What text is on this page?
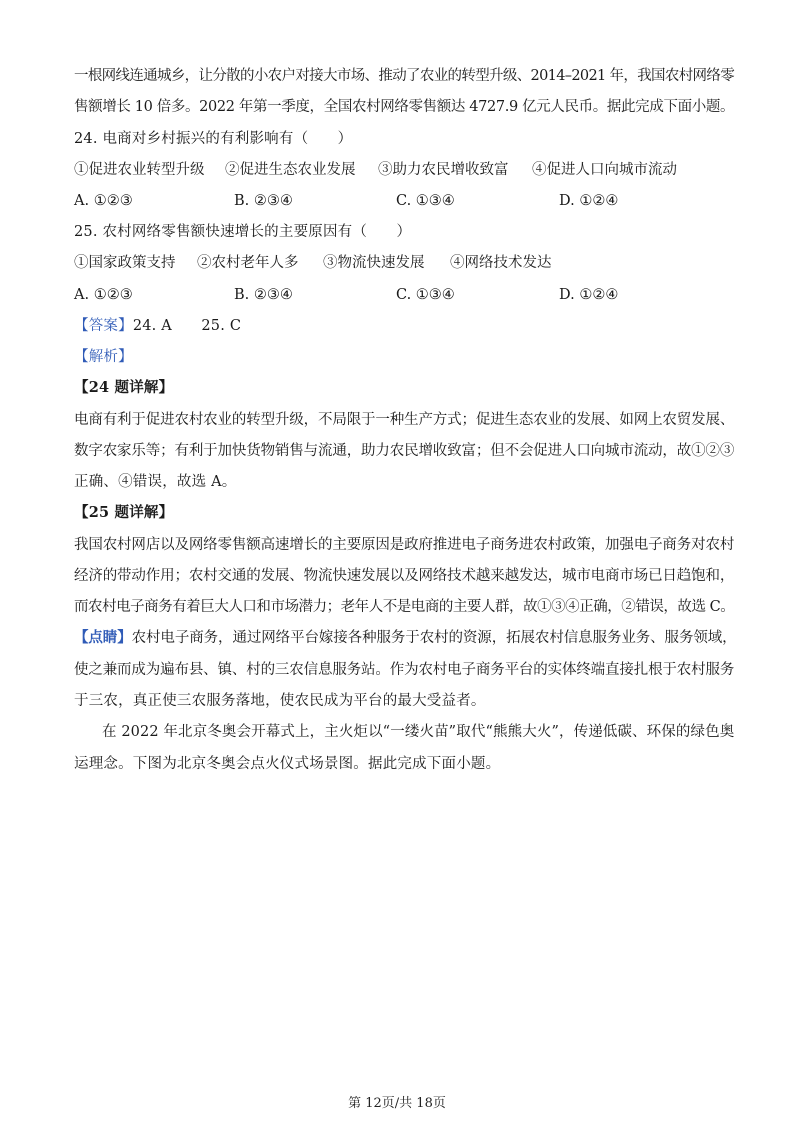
一根网线连通城乡，让分散的小农户对接大市场、推动了农业的转型升级、2014–2021 年，我国农村网络零
售额增长 10 倍多。2022 年第一季度，全国农村网络零售额达 4727.9 亿元人民币。据此完成下面小题。
24. 电商对乡村振兴的有利影响有（　　）
①促进农业转型升级 ②促进生态农业发展 ③助力农民增收致富 ④促进人口向城市流动
A. ①②③	B. ②③④	C. ①③④	D. ①②④
25. 农村网络零售额快速增长的主要原因有（　　）
①国家政策支持 ②农村老年人多 ③物流快速发展 ④网络技术发达
A. ①②③	B. ②③④	C. ①③④	D. ①②④
【答案】24. A　　25. C
【解析】
【24 题详解】
电商有利于促进农村农业的转型升级，不局限于一种生产方式；促进生态农业的发展、如网上农贸发展、
数字农家乐等；有利于加快货物销售与流通，助力农民增收致富；但不会促进人口向城市流动，故①②③
正确、④错误，故选 A。
【25 题详解】
我国农村网店以及网络零售额高速增长的主要原因是政府推进电子商务进农村政策，加强电子商务对农村
经济的带动作用；农村交通的发展、物流快速发展以及网络技术越来越发达，城市电商市场已日趋饱和，
而农村电子商务有着巨大人口和市场潜力；老年人不是电商的主要人群，故①③④正确，②错误，故选 C。
【点睛】农村电子商务，通过网络平台嫁接各种服务于农村的资源，拓展农村信息服务业务、服务领域，
使之兼而成为遍布县、镇、村的三农信息服务站。作为农村电子商务平台的实体终端直接扎根于农村服务
于三农，真正使三农服务落地，使农民成为平台的最大受益者。
在 2022 年北京冬奥会开幕式上，主火炬以“一缕火苗”取代“熊熊大火”，传递低碳、环保的绿色奥
运理念。下图为北京冬奥会点火仪式场景图。据此完成下面小题。
第 12页/共 18页
